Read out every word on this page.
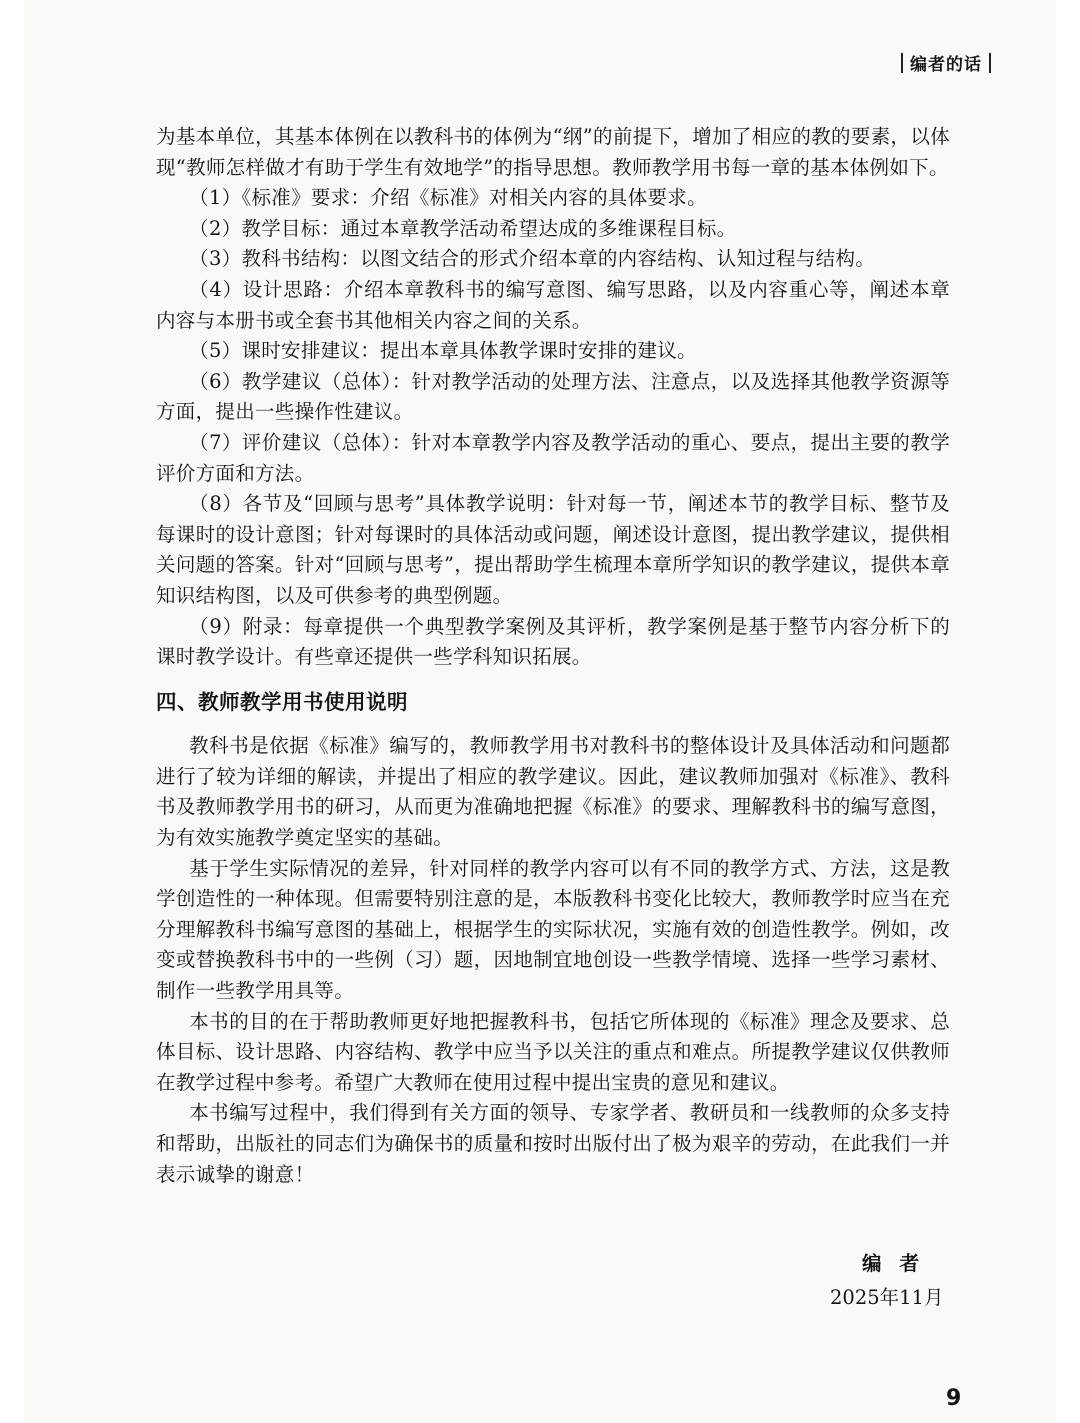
编者的话

为基本单位，其基本体例在以教科书的体例为“纲”的前提下，增加了相应的教的要素，以体现“教师怎样做才有助于学生有效地学”的指导思想。教师教学用书每一章的基本体例如下。

（1）《标准》要求：介绍《标准》对相关内容的具体要求。

（2）教学目标：通过本章教学活动希望达成的多维课程目标。

（3）教科书结构：以图文结合的形式介绍本章的内容结构、认知过程与结构。

（4）设计思路：介绍本章教科书的编写意图、编写思路，以及内容重心等，阐述本章内容与本册书或全套书其他相关内容之间的关系。

（5）课时安排建议：提出本章具体教学课时安排的建议。

（6）教学建议（总体）：针对教学活动的处理方法、注意点，以及选择其他教学资源等方面，提出一些操作性建议。

（7）评价建议（总体）：针对本章教学内容及教学活动的重心、要点，提出主要的教学评价方面和方法。

（8）各节及“回顾与思考”具体教学说明：针对每一节，阐述本节的教学目标、整节及每课时的设计意图；针对每课时的具体活动或问题，阐述设计意图，提出教学建议，提供相关问题的答案。针对“回顾与思考”，提出帮助学生梳理本章所学知识的教学建议，提供本章知识结构图，以及可供参考的典型例题。

（9）附录：每章提供一个典型教学案例及其评析，教学案例是基于整节内容分析下的课时教学设计。有些章还提供一些学科知识拓展。

四、教师教学用书使用说明

教科书是依据《标准》编写的，教师教学用书对教科书的整体设计及具体活动和问题都进行了较为详细的解读，并提出了相应的教学建议。因此，建议教师加强对《标准》、教科书及教师教学用书的研习，从而更为准确地把握《标准》的要求、理解教科书的编写意图，为有效实施教学奠定坚实的基础。

基于学生实际情况的差异，针对同样的教学内容可以有不同的教学方式、方法，这是教学创造性的一种体现。但需要特别注意的是，本版教科书变化比较大，教师教学时应当在充分理解教科书编写意图的基础上，根据学生的实际状况，实施有效的创造性教学。例如，改变或替换教科书中的一些例（习）题，因地制宜地创设一些教学情境、选择一些学习素材、制作一些教学用具等。

本书的目的在于帮助教师更好地把握教科书，包括它所体现的《标准》理念及要求、总体目标、设计思路、内容结构、教学中应当予以关注的重点和难点。所提教学建议仅供教师在教学过程中参考。希望广大教师在使用过程中提出宝贵的意见和建议。

本书编写过程中，我们得到有关方面的领导、专家学者、教研员和一线教师的众多支持和帮助，出版社的同志们为确保书的质量和按时出版付出了极为艰辛的劳动，在此我们一并表示诚挚的谢意！

编者
2025年11月
9
